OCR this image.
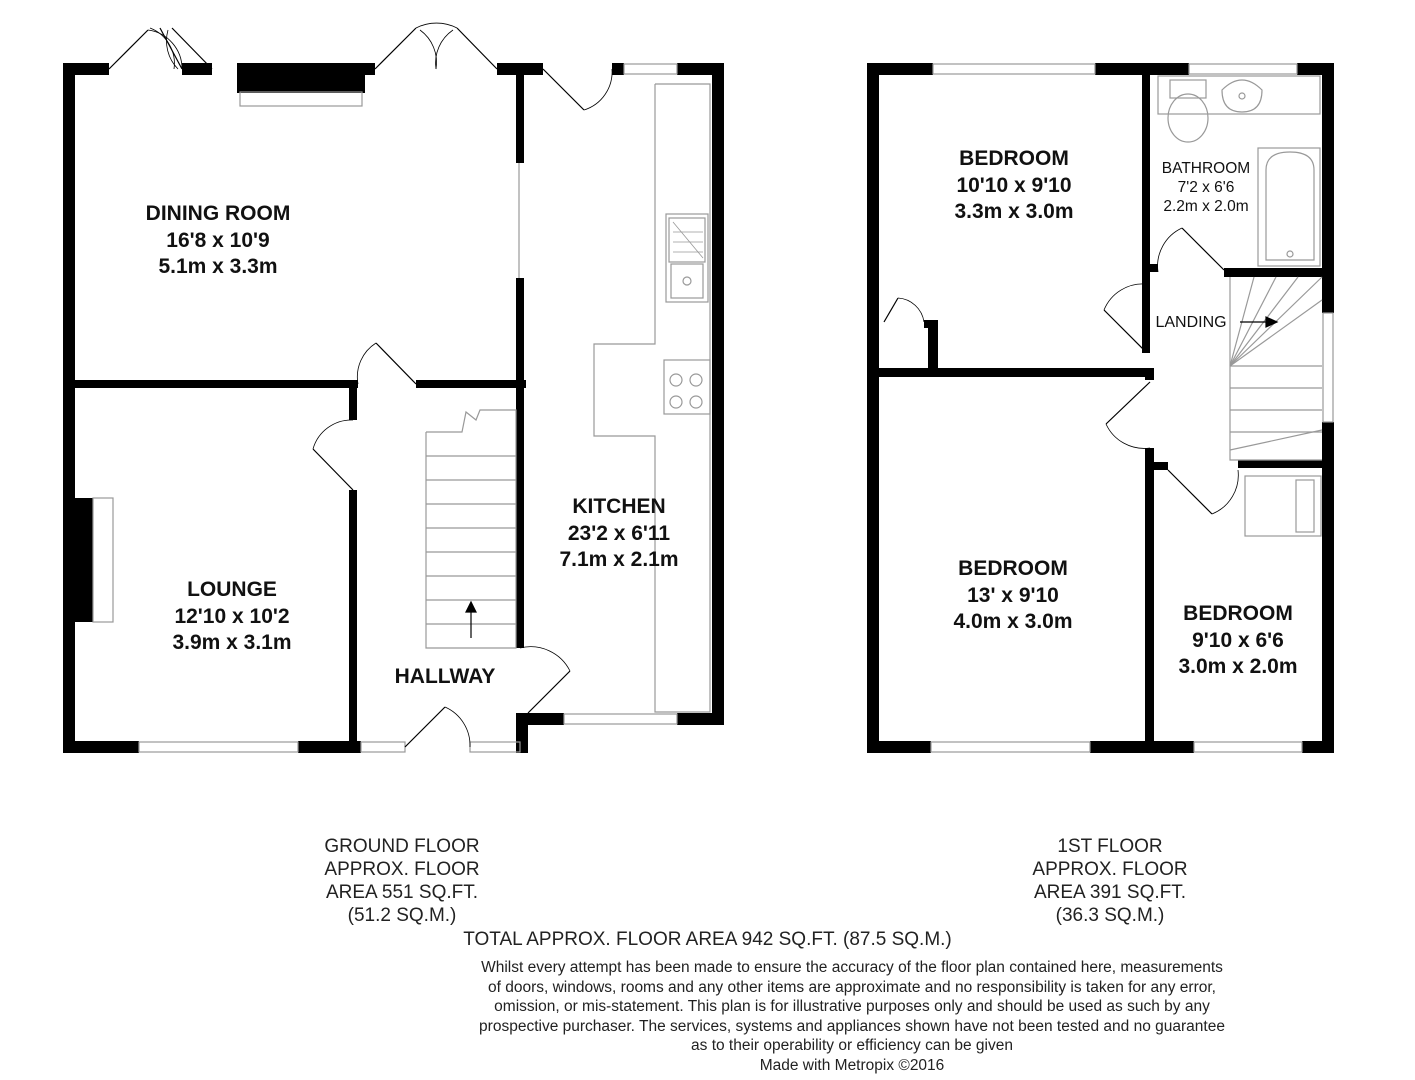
DINING ROOM
16'8 x 10'9
5.1m x 3.3m
KITCHEN
23'2 x 6'11
7.1m x 2.1m
LOUNGE
12'10 x 10'2
3.9m x 3.1m
HALLWAY
BEDROOM
10'10 x 9'10
3.3m x 3.0m
BATHROOM
7'2 x 6'6
2.2m x 2.0m
LANDING
BEDROOM
13' x 9'10
4.0m x 3.0m	BEDROOM
9'10 x 6'6
3.0m x 2.0m
GROUND FLOOR
APPROX. FLOOR
AREA 551 SQ.FT.
(51.2 SQ.M.)
1ST FLOOR
APPROX. FLOOR
AREA 391 SQ.FT.
(36.3 SQ.M.)
TOTAL APPROX. FLOOR AREA 942 SQ.FT. (87.5 SQ.M.)
Whilst every attempt has been made to ensure the accuracy of the floor plan contained here, measurements
of doors, windows, rooms and any other items are approximate and no responsibility is taken for any error,
omission, or mis-statement. This plan is for illustrative purposes only and should be used as such by any
prospective purchaser. The services, systems and appliances shown have not been tested and no guarantee
as to their operability or efficiency can be given
Made with Metropix ©2016
